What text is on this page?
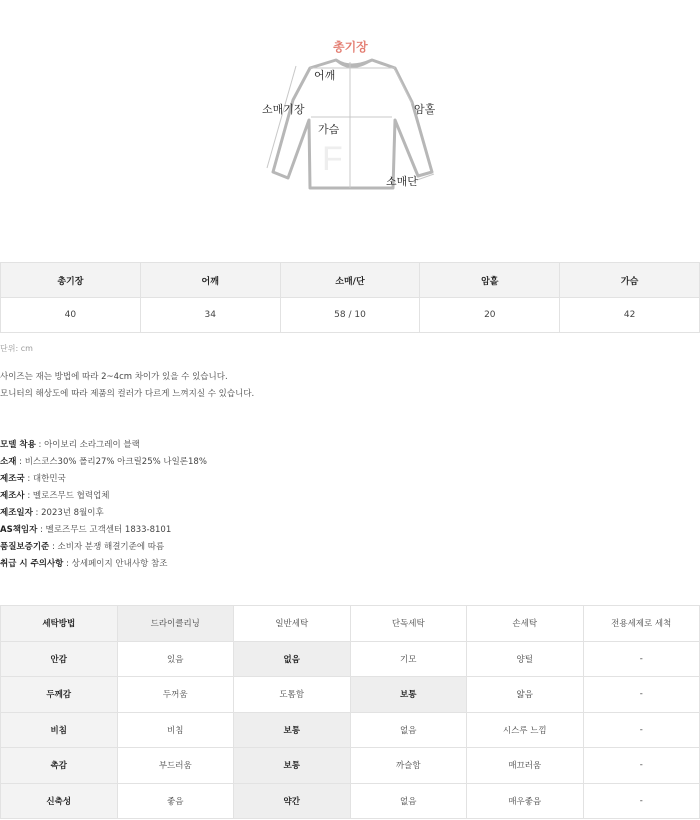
총기장
어깨
소매기장	암홀
가슴
소매단
F
총기장	어깨	소매/단	암홀	가슴
40	34	58 / 10	20	42
단위: cm
사이즈는 재는 방법에 따라 2~4cm 차이가 있을 수 있습니다.
모니터의 해상도에 따라 제품의 컬러가 다르게 느껴지실 수 있습니다.
모델 착용 : 아이보리 소라그레이 블랙
소재 : 비스코스30% 폴리27% 아크릴25% 나일론18%
제조국 : 대한민국
제조사 : 멜로즈무드 협력업체
제조일자 : 2023년 8월이후
AS책임자 : 멜로즈무드 고객센터 1833-8101
품질보증기준 : 소비자 분쟁 해결기준에 따름
취급 시 주의사항 : 상세페이지 안내사항 참조
세탁방법	드라이클리닝	일반세탁	단독세탁	손세탁	전용세제로 세척
안감	있음	없음	기모	양털	-
두께감	두꺼움	도톰함	보통	얇음	-
비침	비침	보통	없음	시스루 느낌	-
촉감	부드러움	보통	까슬함	매끄러움	-
신축성	좋음	약간	없음	매우좋음	-
